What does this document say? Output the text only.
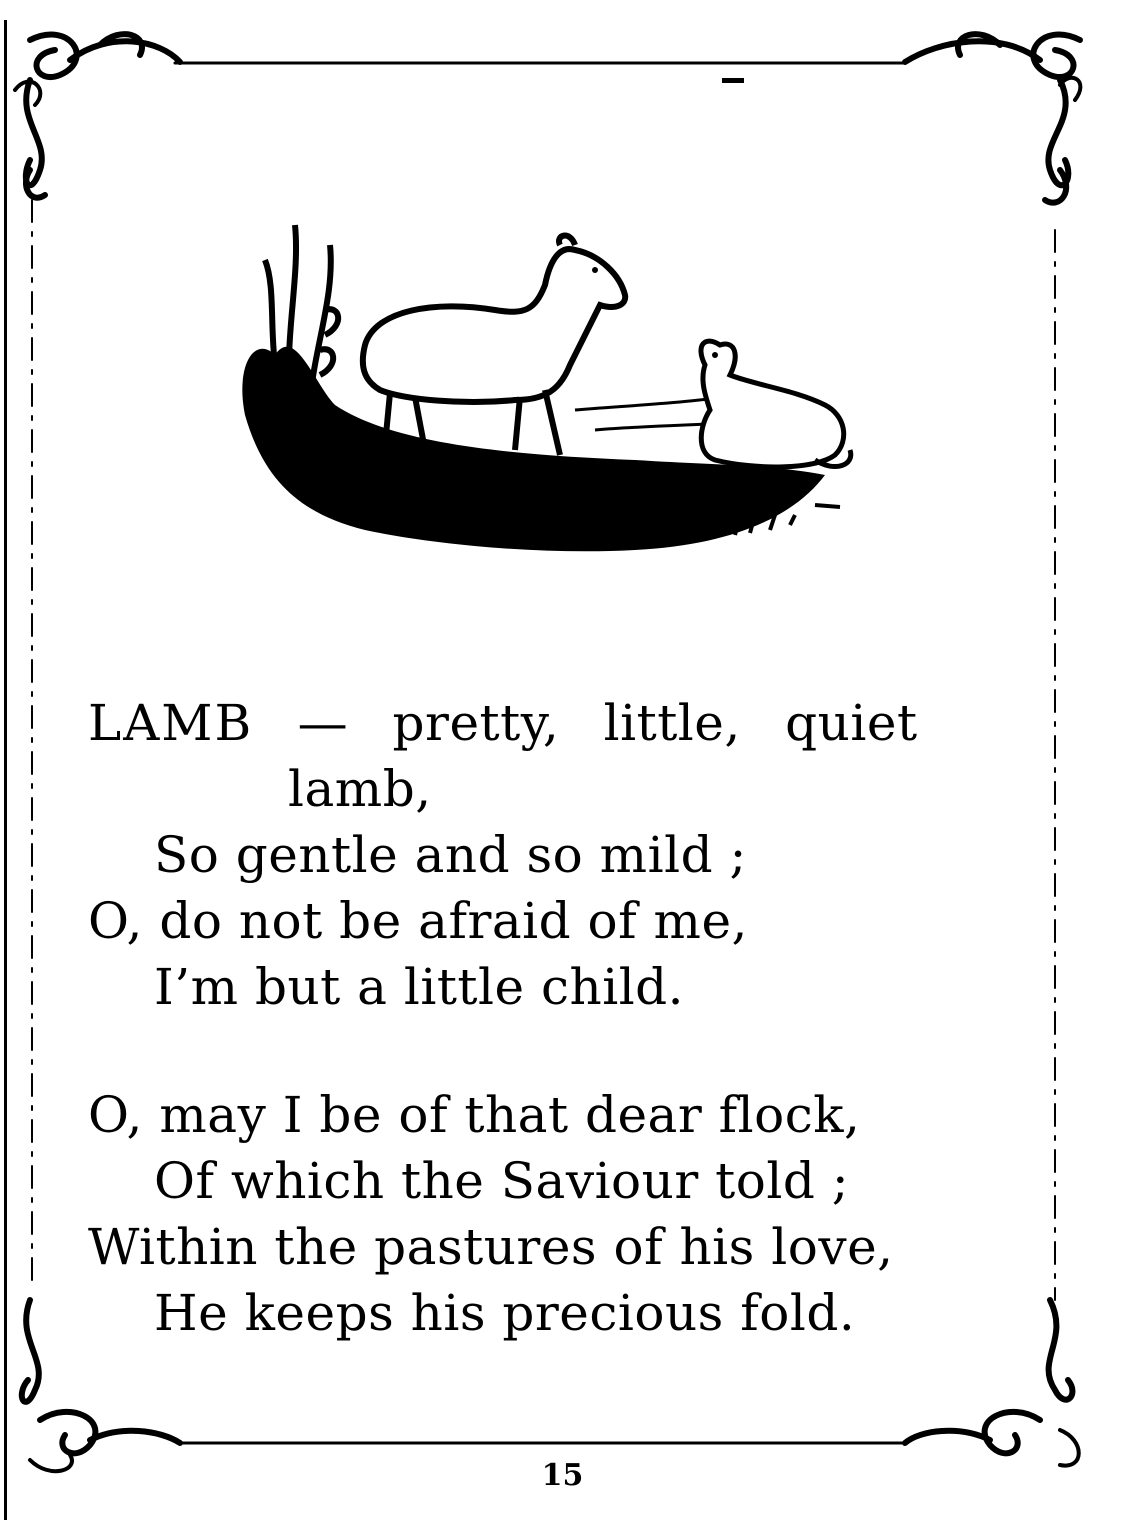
LAMB — pretty, little, quiet
lamb,
So gentle and so mild ;
O, do not be afraid of me,
I’m but a little child.
O, may I be of that dear flock,
Of which the Saviour told ;
Within the pastures of his love,
He keeps his precious fold.
15
